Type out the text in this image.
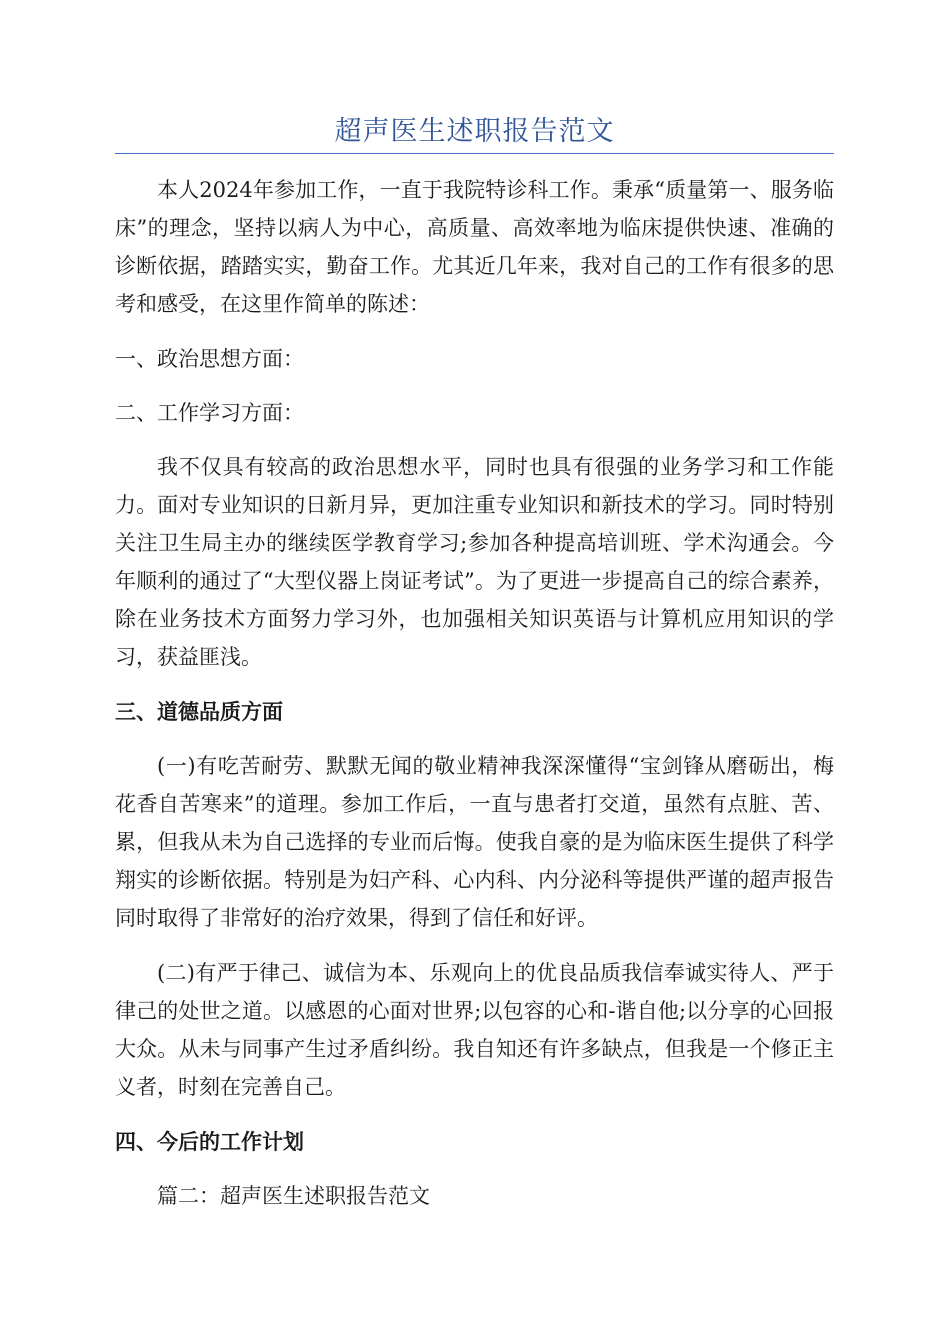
超声医生述职报告范文

本人2024年参加工作，一直于我院特诊科工作。秉承“质量第一、服务临床”的理念，坚持以病人为中心，高质量、高效率地为临床提供快速、准确的诊断依据，踏踏实实，勤奋工作。尤其近几年来，我对自己的工作有很多的思考和感受，在这里作简单的陈述：

一、政治思想方面：

二、工作学习方面：

我不仅具有较高的政治思想水平，同时也具有很强的业务学习和工作能力。面对专业知识的日新月异，更加注重专业知识和新技术的学习。同时特别关注卫生局主办的继续医学教育学习;参加各种提高培训班、学术沟通会。今年顺利的通过了“大型仪器上岗证考试”。为了更进一步提高自己的综合素养，除在业务技术方面努力学习外，也加强相关知识英语与计算机应用知识的学习，获益匪浅。

三、道德品质方面

(一)有吃苦耐劳、默默无闻的敬业精神我深深懂得“宝剑锋从磨砺出，梅花香自苦寒来”的道理。参加工作后，一直与患者打交道，虽然有点脏、苦、累，但我从未为自己选择的专业而后悔。使我自豪的是为临床医生提供了科学翔实的诊断依据。特别是为妇产科、心内科、内分泌科等提供严谨的超声报告同时取得了非常好的治疗效果，得到了信任和好评。

(二)有严于律己、诚信为本、乐观向上的优良品质我信奉诚实待人、严于律己的处世之道。以感恩的心面对世界;以包容的心和-谐自他;以分享的心回报大众。从未与同事产生过矛盾纠纷。我自知还有许多缺点，但我是一个修正主义者，时刻在完善自己。

四、今后的工作计划

篇二：超声医生述职报告范文
